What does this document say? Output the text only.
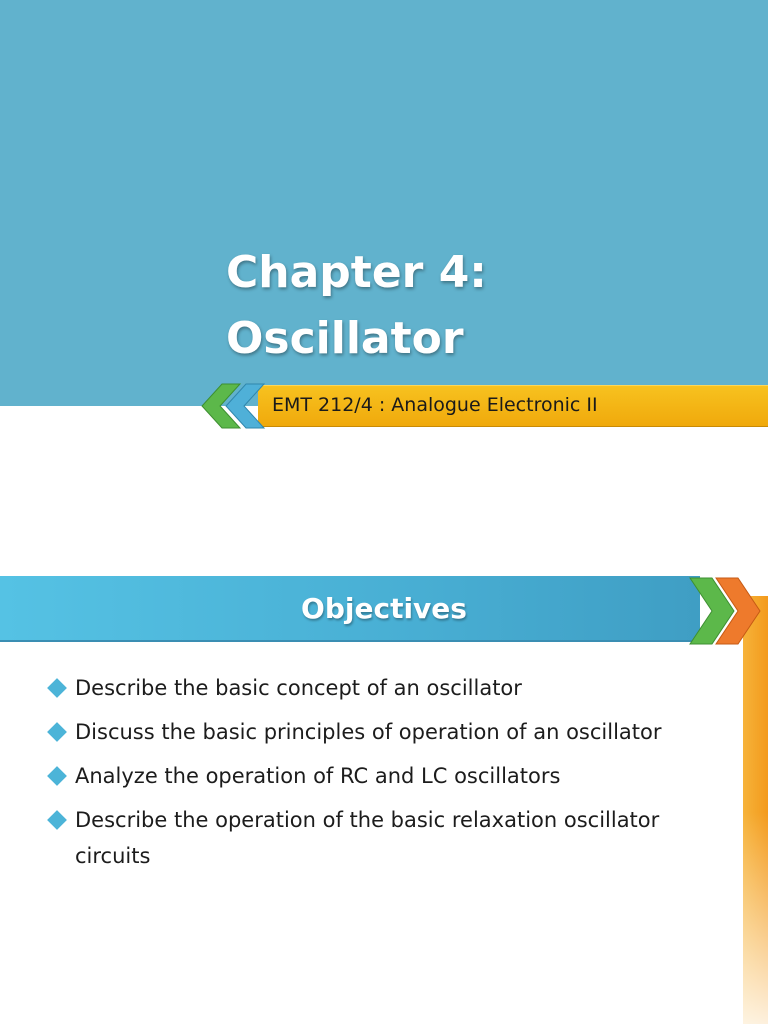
Chapter 4:
Oscillator
EMT 212/4 : Analogue Electronic II
Objectives
Describe the basic concept of an oscillator
Discuss the basic principles of operation of an oscillator
Analyze the operation of RC and LC oscillators
Describe the operation of the basic relaxation oscillator circuits
